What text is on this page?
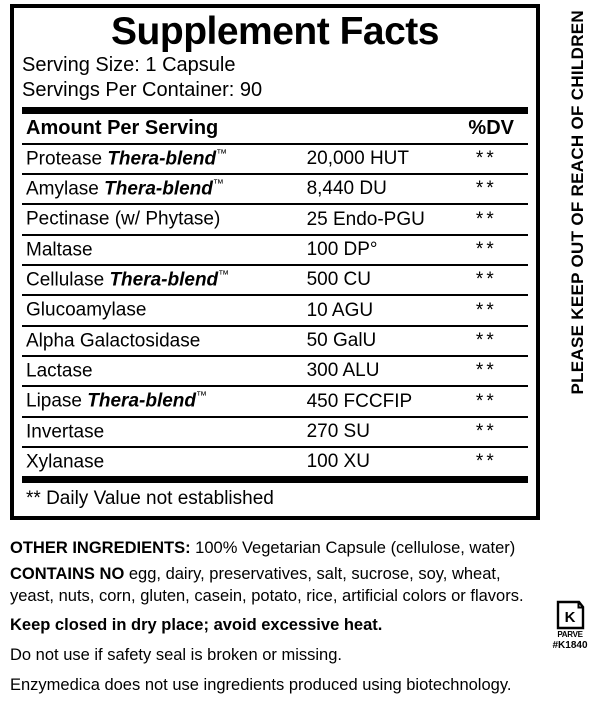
PLEASE KEEP OUT OF REACH OF CHILDREN
Supplement Facts
Serving Size: 1 Capsule
Servings Per Container: 90
Amount Per Serving		%DV
Protease Thera-blend™	20,000 HUT	**
Amylase Thera-blend™	8,440 DU	**
Pectinase (w/ Phytase)	25 Endo-PGU	**
Maltase	100 DP°	**
Cellulase Thera-blend™	500 CU	**
Glucoamylase	10 AGU	**
Alpha Galactosidase	50 GalU	**
Lactase	300 ALU	**
Lipase Thera-blend™	450 FCCFIP	**
Invertase	270 SU	**
Xylanase	100 XU	**
** Daily Value not established

OTHER INGREDIENTS: 100% Vegetarian Capsule (cellulose, water)

CONTAINS NO egg, dairy, preservatives, salt, sucrose, soy, wheat, yeast, nuts, corn, gluten, casein, potato, rice, artificial colors or flavors.

Keep closed in dry place; avoid excessive heat.

Do not use if safety seal is broken or missing.

Enzymedica does not use ingredients produced using biotechnology.

K
PARVE
#K1840
